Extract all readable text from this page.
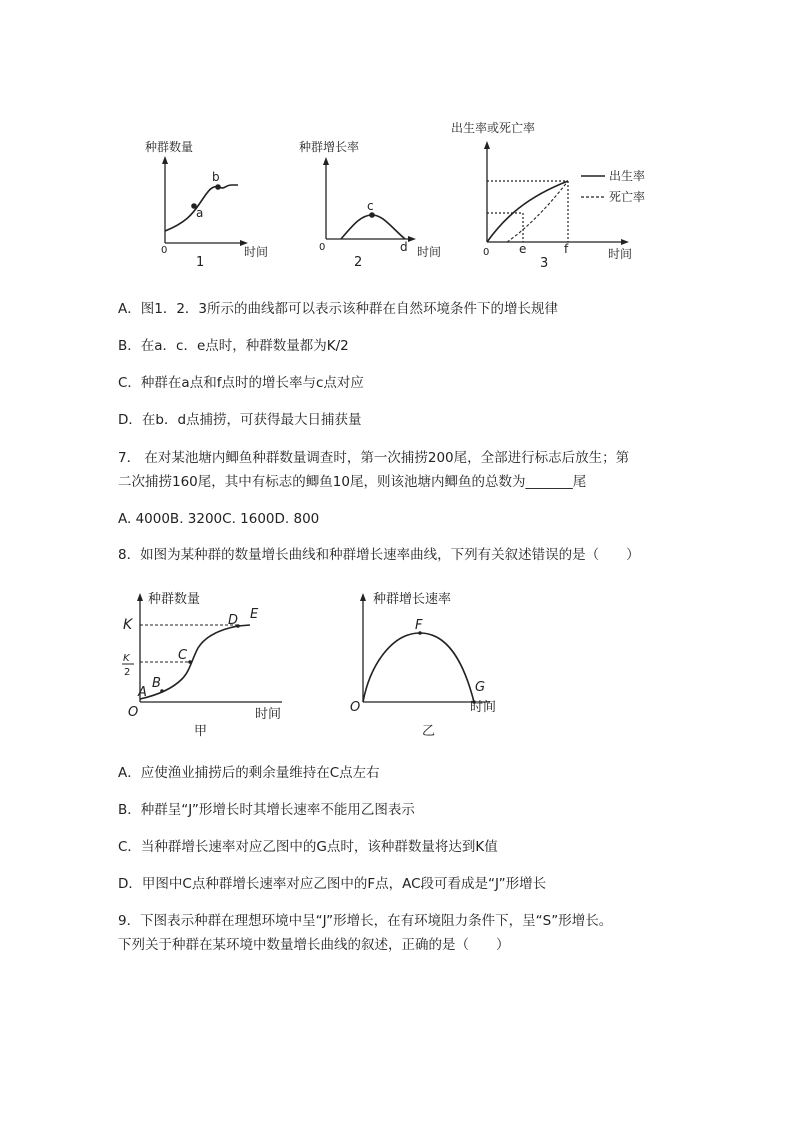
种群数量
a
b
0	时间
1
种群增长率
c
d
0	时间
2
出生率或死亡率
0 e	f
3
时间
出生率
死亡率
A．图1．2．3所示的曲线都可以表示该种群在自然环境条件下的增长规律
B．在a．c．e点时，种群数量都为K/2
C．种群在a点和f点时的增长率与c点对应
D．在b．d点捕捞，可获得最大日捕获量
7． 在对某池塘内鲫鱼种群数量调查时，第一次捕捞200尾，全部进行标志后放生；第
二次捕捞160尾，其中有标志的鲫鱼10尾，则该池塘内鲫鱼的总数为_______尾
A. 4000B. 3200C. 1600D. 800
8．如图为某种群的数量增长曲线和种群增长速率曲线，下列有关叙述错误的是（　　）
种群数量
K
K
2
A
B
C
D E
O	时间
甲
种群增长速率
F
G
O	时间
乙
A．应使渔业捕捞后的剩余量维持在C点左右
B．种群呈“J”形增长时其增长速率不能用乙图表示
C．当种群增长速率对应乙图中的G点时，该种群数量将达到K值
D．甲图中C点种群增长速率对应乙图中的F点，AC段可看成是“J”形增长
9．下图表示种群在理想环境中呈“J”形增长，在有环境阻力条件下，呈“S”形增长。
下列关于种群在某环境中数量增长曲线的叙述，正确的是（　　）
